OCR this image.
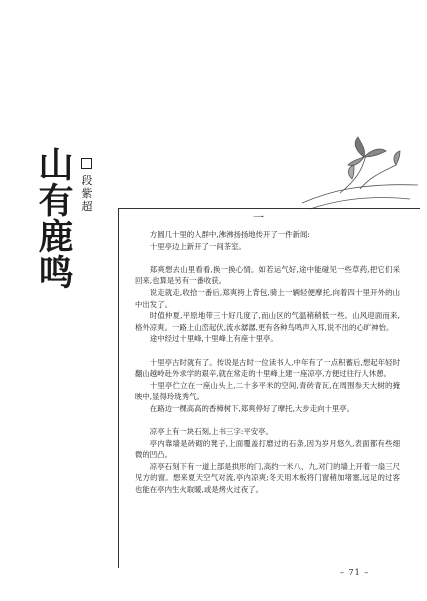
山
有
鹿
鸣
段
紫
超
一

方圆几十里的人群中,沸沸扬扬地传开了一件新闻:

十里亭边上新开了一间茶室。

郑爽想去山里看看,换一换心情。如若运气好,途中能碰见一些草药,把它们采回来,也算是另有一番收获。

说走就走,收拾一番后,郑爽挎上背包,骑上一辆轻便摩托,向着四十里开外的山中出发了。

时值仲夏,平原地带三十好几度了,而山区的气温稍稍低一些。山风迎面而来,格外凉爽。一路上山峦起伏,流水潺潺,更有各种鸟鸣声入耳,说不出的心旷神怡。

途中经过十里峰,十里峰上有座十里亭。

十里亭古时就有了。传说是古时一位读书人,中年有了一点积蓄后,想起年轻时翻山越岭赴外求学的艰辛,就在常走的十里峰上建一座凉亭,方便过往行人休憩。

十里亭伫立在一座山头上,二十多平米的空间,青砖青瓦,在周围参天大树的掩映中,显得玲珑秀气。

在路边一棵高高的香樟树下,郑爽停好了摩托,大步走向十里亭。

凉亭上有一块石刻,上书三字:平安亭。

亭内靠墙是砖砌的凳子,上面覆盖打磨过的石条,因为岁月悠久,表面都有些细微的凹凸。

凉亭石刻下有一道上部是拱形的门,高约一米八、九,对门的墙上开着一扇三尺见方的窗。想来夏天空气对流,亭内凉爽;冬天用木板将门窗稍加堵塞,远足的过客也能在亭内生火取暖,或是烤火过夜了。

– 71 –
